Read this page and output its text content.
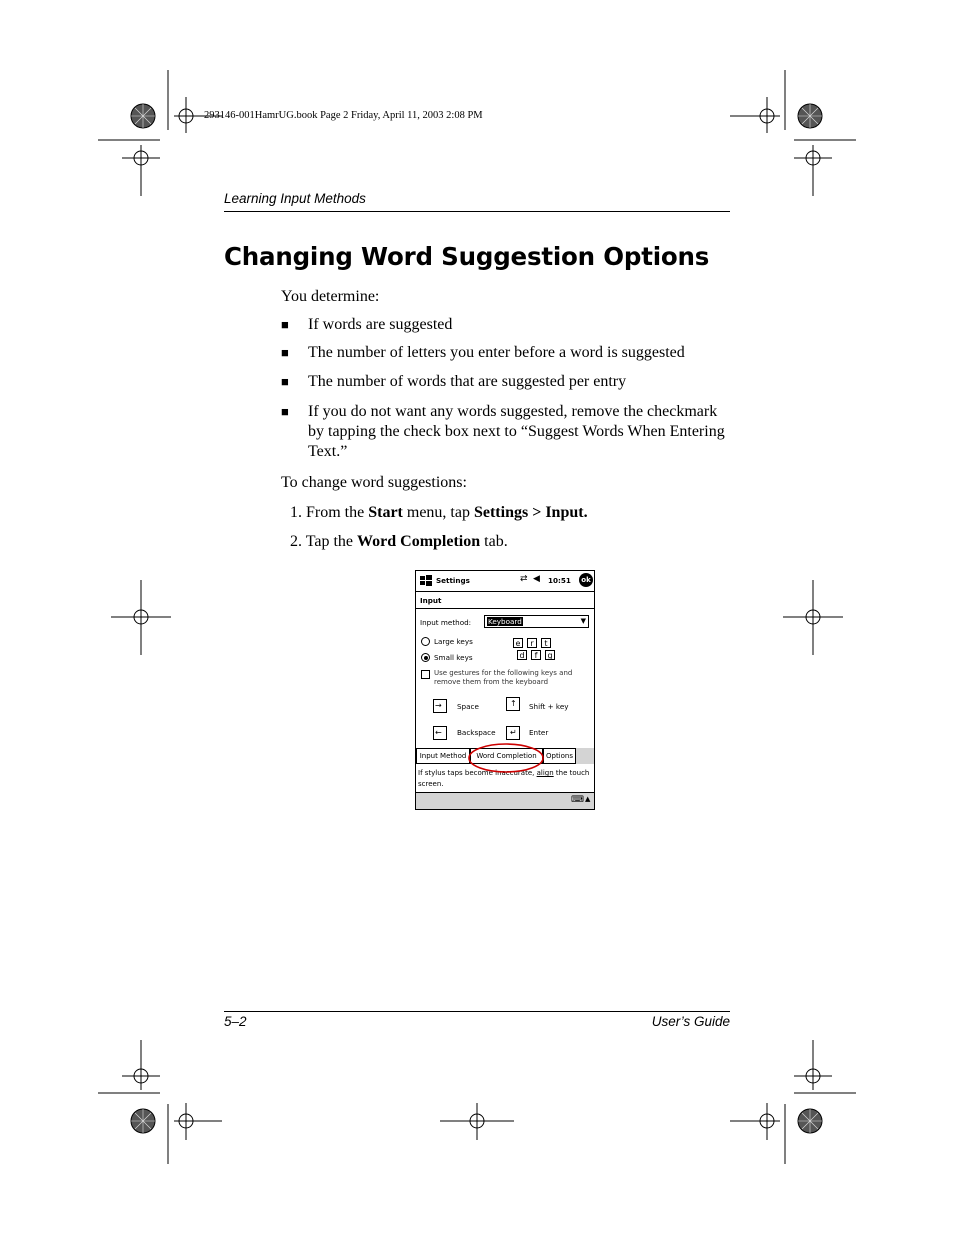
293146-001HamrUG.book Page 2 Friday, April 11, 2003 2:08 PM
Learning Input Methods
Changing Word Suggestion Options
You determine:
■ If words are suggested
■ The number of letters you enter before a word is suggested
■ The number of words that are suggested per entry
■ If you do not want any words suggested, remove the checkmark by tapping the check box next to “Suggest Words When Entering Text.”
To change word suggestions:
1. From the Start menu, tap Settings > Input.
2. Tap the Word Completion tab.
Settings	⇄ ◀ 10:51	ok
Input
Input method: Keyboard	▼
Large keys
Small keys
e	r	t
d	f	g
Use gestures for the following keys and remove them from the keyboard
→ Space	↑ Shift + key
← Backspace ↵ Enter
Input Method	Word Completion	Options
If stylus taps become inaccurate, align the touch screen.
⌨ ▲
5–2	User’s Guide
